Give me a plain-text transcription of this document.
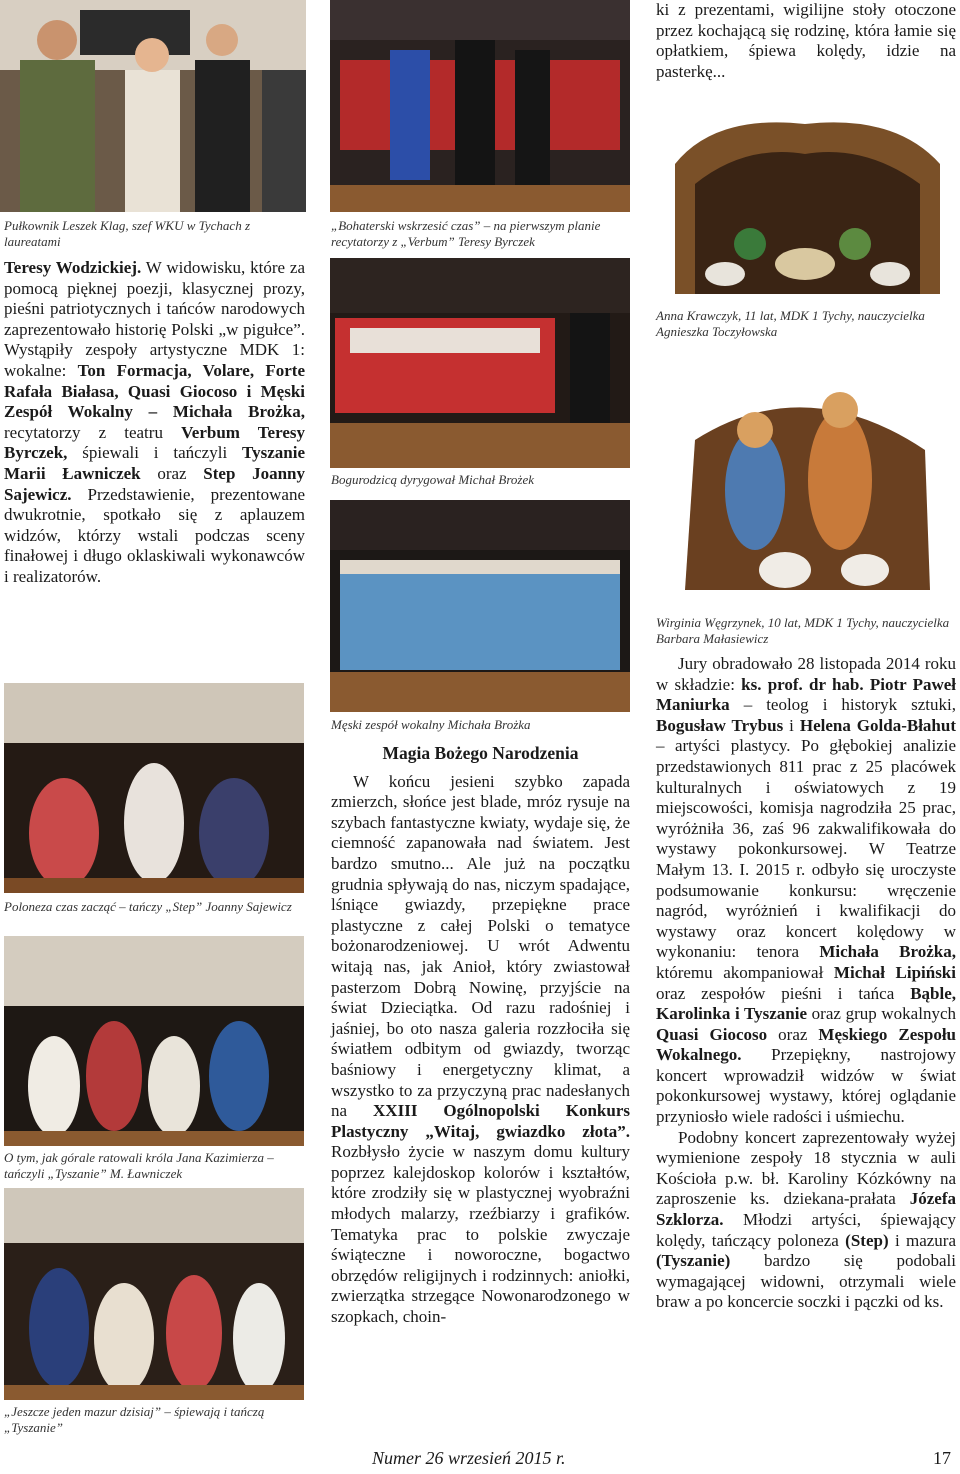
Pułkownik Leszek Klag, szef WKU w Tychach z laureatami

Teresy Wodzickiej. W widowisku, które za pomocą pięknej poezji, klasycznej prozy, pieśni patriotycznych i tańców narodowych zaprezentowało historię Polski „w pigułce”. Wystąpiły zespoły artystyczne MDK 1: wokalne: Ton Formacja, Volare, Forte Rafała Białasa, Quasi Giocoso i Męski Zespół Wokalny – Michała Brożka, recytatorzy z teatru Verbum Teresy Byrczek, śpiewali i tańczyli Tyszanie Marii Ławniczek oraz Step Joanny Sajewicz. Przedstawienie, prezentowane dwukrotnie, spotkało się z aplauzem widzów, którzy wstali podczas sceny finałowej i długo oklaskiwali wykonawców i realizatorów.

Poloneza czas zacząć – tańczy „Step” Joanny Sajewicz
O tym, jak górale ratowali króla Jana Kazimierza – tańczyli „Tyszanie” M. Ławniczek
„Jeszcze jeden mazur dzisiaj” – śpiewają i tańczą „Tyszanie”
„Bohaterski wskrzesić czas” – na pierwszym planie recytatorzy z „Verbum” Teresy Byrczek
Bogurodzicą dyrygował Michał Brożek
Męski zespół wokalny Michała Brożka
Magia Bożego Narodzenia

W końcu jesieni szybko zapada zmierzch, słońce jest blade, mróz rysuje na szybach fantastyczne kwiaty, wydaje się, że ciemność zapanowała nad światem. Jest bardzo smutno... Ale już na początku grudnia spływają do nas, niczym spadające, lśniące gwiazdy, przepiękne prace plastyczne z całej Polski o tematyce bożonarodzeniowej. U wrót Adwentu witają nas, jak Anioł, który zwiastował pasterzom Dobrą Nowinę, przyjście na świat Dzieciątka. Od razu radośniej i jaśniej, bo oto nasza galeria rozzłociła się światłem odbitym od gwiazdy, tworząc baśniowy i energetyczny klimat, a wszystko to za przyczyną prac nadesłanych na XXIII Ogólnopolski Konkurs Plastyczny „Witaj, gwiazdko złota”. Rozbłysło życie w naszym domu kultury poprzez kalejdoskop kolorów i kształtów, które zrodziły się w plastycznej wyobraźni młodych malarzy, rzeźbiarzy i grafików. Tematyka prac to polskie zwyczaje świąteczne i noworoczne, bogactwo obrzędów religijnych i rodzinnych: aniołki, zwierzątka strzegące Nowonarodzonego w szopkach, choin-

ki z prezentami, wigilijne stoły otoczone przez kochającą się rodzinę, która łamie się opłatkiem, śpiewa kolędy, idzie na pasterkę...

Anna Krawczyk, 11 lat, MDK 1 Tychy, nauczycielka Agnieszka Toczyłowska
Wirginia Węgrzynek, 10 lat, MDK 1 Tychy, nauczycielka Barbara Małasiewicz

Jury obradowało 28 listopada 2014 roku w składzie: ks. prof. dr hab. Piotr Paweł Maniurka – teolog i historyk sztuki, Bogusław Trybus i Helena Golda-Błahut – artyści plastycy. Po głębokiej analizie przedstawionych 811 prac z 25 placówek kulturalnych i oświatowych z 19 miejscowości, komisja nagrodziła 25 prac, wyróżniła 36, zaś 96 zakwalifikowała do wystawy pokonkursowej. W Teatrze Małym 13. I. 2015 r. odbyło się uroczyste podsumowanie konkursu: wręczenie nagród, wyróżnień i kwalifikacji do wystawy oraz koncert kolędowy w wykonaniu: tenora Michała Brożka, któremu akompaniował Michał Lipiński oraz zespołów pieśni i tańca Bąble, Karolinka i Tyszanie oraz grup wokalnych Quasi Giocoso oraz Męskiego Zespołu Wokalnego. Przepiękny, nastrojowy koncert wprowadził widzów w świat pokonkursowej wystawy, której oglądanie przyniosło wiele radości i uśmiechu.

Podobny koncert zaprezentowały wyżej wymienione zespoły 18 stycznia w auli Kościoła p.w. bł. Karoliny Kózkówny na zaproszenie ks. dziekana-prałata Józefa Szklorza. Młodzi artyści, śpiewający kolędy, tańczący poloneza (Step) i mazura (Tyszanie) bardzo się podobali wymagającej widowni, otrzymali wiele braw a po koncercie soczki i pączki od ks.

Numer 26 wrzesień 2015 r.	17
